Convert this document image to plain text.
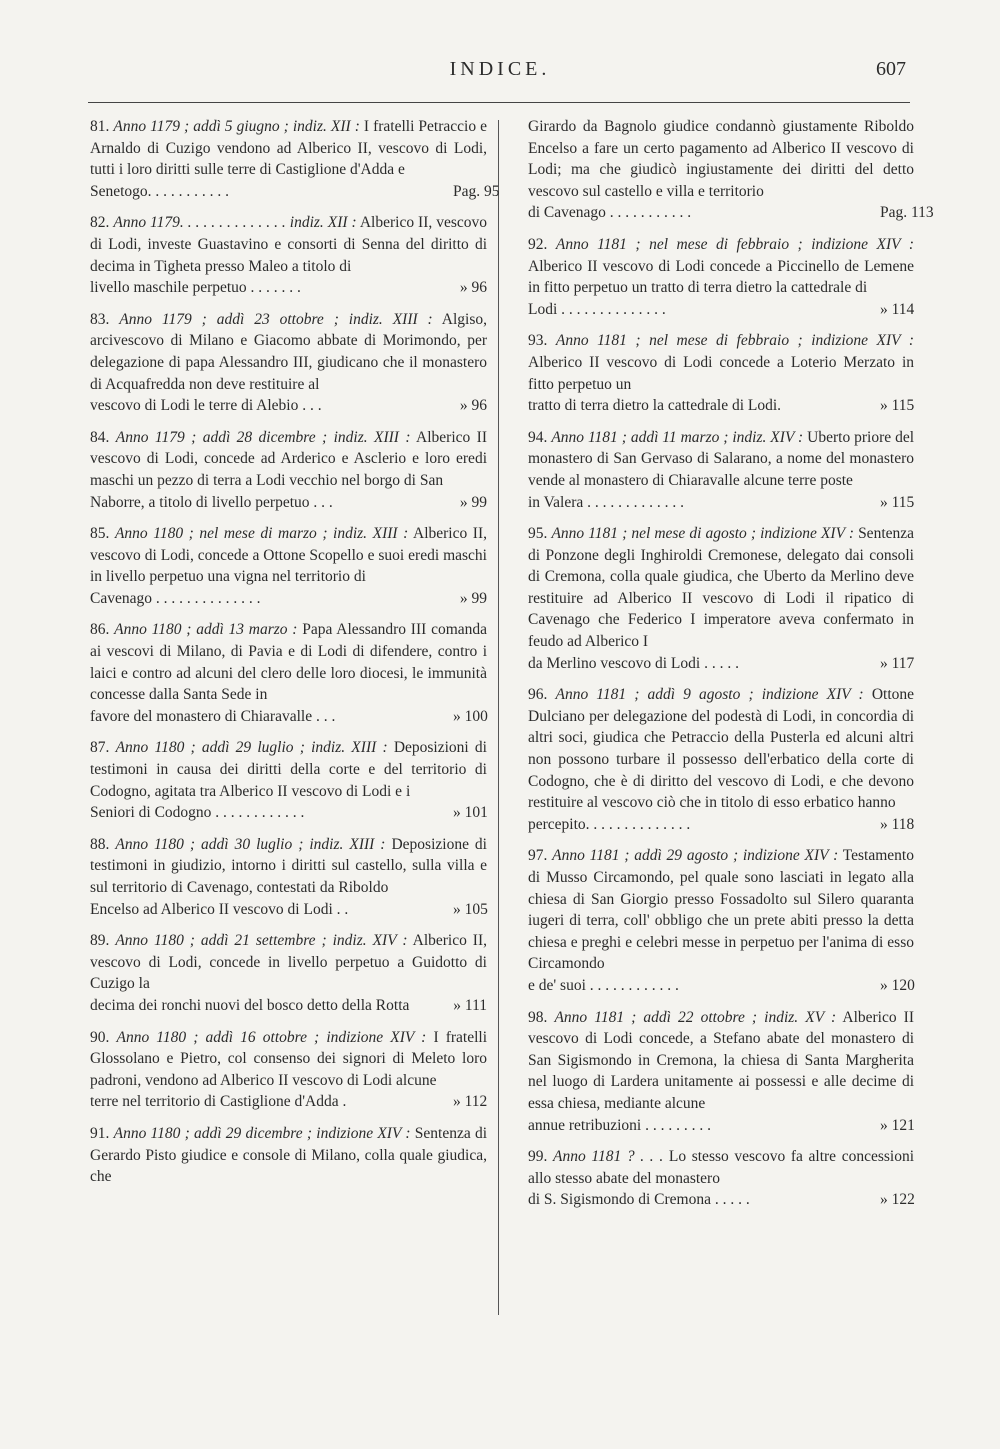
INDICE.	607
81. Anno 1179 ; addì 5 giugno ; indiz. XII : I fratelli Petraccio e Arnaldo di Cuzigo vendono ad Alberico II, vescovo di Lodi, tutti i loro diritti sulle terre di Castiglione d'Adda e
Senetogo. . . . . . . . . . .	Pag. 95
82. Anno 1179. . . . . . . . . . . . . . indiz. XII : Alberico II, vescovo di Lodi, investe Guastavino e consorti di Senna del diritto di decima in Tigheta presso Maleo a titolo di
livello maschile perpetuo . . . . . . .	» 96
83. Anno 1179 ; addì 23 ottobre ; indiz. XIII : Algiso, arcivescovo di Milano e Giacomo abbate di Morimondo, per delegazione di papa Alessandro III, giudicano che il monastero di Acquafredda non deve restituire al
vescovo di Lodi le terre di Alebio . . .	» 96
84. Anno 1179 ; addì 28 dicembre ; indiz. XIII : Alberico II vescovo di Lodi, concede ad Arderico e Asclerio e loro eredi maschi un pezzo di terra a Lodi vecchio nel borgo di San
Naborre, a titolo di livello perpetuo . . .	» 99
85. Anno 1180 ; nel mese di marzo ; indiz. XIII : Alberico II, vescovo di Lodi, concede a Ottone Scopello e suoi eredi maschi in livello perpetuo una vigna nel territorio di
Cavenago . . . . . . . . . . . . . .	» 99
86. Anno 1180 ; addì 13 marzo : Papa Alessandro III comanda ai vescovi di Milano, di Pavia e di Lodi di difendere, contro i laici e contro ad alcuni del clero delle loro diocesi, le immunità concesse dalla Santa Sede in
favore del monastero di Chiaravalle . . .	» 100
87. Anno 1180 ; addì 29 luglio ; indiz. XIII : Deposizioni di testimoni in causa dei diritti della corte e del territorio di Codogno, agitata tra Alberico II vescovo di Lodi e i
Seniori di Codogno . . . . . . . . . . . .	» 101
88. Anno 1180 ; addì 30 luglio ; indiz. XIII : Deposizione di testimoni in giudizio, intorno i diritti sul castello, sulla villa e sul territorio di Cavenago, contestati da Riboldo
Encelso ad Alberico II vescovo di Lodi . .	» 105
89. Anno 1180 ; addì 21 settembre ; indiz. XIV : Alberico II, vescovo di Lodi, concede in livello perpetuo a Guidotto di Cuzigo la
decima dei ronchi nuovi del bosco detto della Rotta	» 111
90. Anno 1180 ; addì 16 ottobre ; indizione XIV : I fratelli Glossolano e Pietro, col consenso dei signori di Meleto loro padroni, vendono ad Alberico II vescovo di Lodi alcune
terre nel territorio di Castiglione d'Adda .	» 112
91. Anno 1180 ; addì 29 dicembre ; indizione XIV : Sentenza di Gerardo Pisto giudice e console di Milano, colla quale giudica, che
Girardo da Bagnolo giudice condannò giustamente Riboldo Encelso a fare un certo pagamento ad Alberico II vescovo di Lodi; ma che giudicò ingiustamente dei diritti del detto vescovo sul castello e villa e territorio
di Cavenago . . . . . . . . . . .	Pag. 113
92. Anno 1181 ; nel mese di febbraio ; indizione XIV : Alberico II vescovo di Lodi concede a Piccinello de Lemene in fitto perpetuo un tratto di terra dietro la cattedrale di
Lodi . . . . . . . . . . . . . .	» 114
93. Anno 1181 ; nel mese di febbraio ; indizione XIV : Alberico II vescovo di Lodi concede a Loterio Merzato in fitto perpetuo un
tratto di terra dietro la cattedrale di Lodi.	» 115
94. Anno 1181 ; addì 11 marzo ; indiz. XIV : Uberto priore del monastero di San Gervaso di Salarano, a nome del monastero vende al monastero di Chiaravalle alcune terre poste
in Valera . . . . . . . . . . . . .	» 115
95. Anno 1181 ; nel mese di agosto ; indizione XIV : Sentenza di Ponzone degli Inghiroldi Cremonese, delegato dai consoli di Cremona, colla quale giudica, che Uberto da Merlino deve restituire ad Alberico II vescovo di Lodi il ripatico di Cavenago che Federico I imperatore aveva confermato in feudo ad Alberico I
da Merlino vescovo di Lodi . . . . .	» 117
96. Anno 1181 ; addì 9 agosto ; indizione XIV : Ottone Dulciano per delegazione del podestà di Lodi, in concordia di altri soci, giudica che Petraccio della Pusterla ed alcuni altri non possono turbare il possesso dell'erbatico della corte di Codogno, che è di diritto del vescovo di Lodi, e che devono restituire al vescovo ciò che in titolo di esso erbatico hanno
percepito. . . . . . . . . . . . . .	» 118
97. Anno 1181 ; addì 29 agosto ; indizione XIV : Testamento di Musso Circamondo, pel quale sono lasciati in legato alla chiesa di San Giorgio presso Fossadolto sul Silero quaranta iugeri di terra, coll' obbligo che un prete abiti presso la detta chiesa e preghi e celebri messe in perpetuo per l'anima di esso Circamondo
e de' suoi . . . . . . . . . . . .	» 120
98. Anno 1181 ; addì 22 ottobre ; indiz. XV : Alberico II vescovo di Lodi concede, a Stefano abate del monastero di San Sigismondo in Cremona, la chiesa di Santa Margherita nel luogo di Lardera unitamente ai possessi e alle decime di essa chiesa, mediante alcune
annue retribuzioni . . . . . . . . .	» 121
99. Anno 1181 ? . . . Lo stesso vescovo fa altre concessioni allo stesso abate del monastero
di S. Sigismondo di Cremona . . . . .	» 122
